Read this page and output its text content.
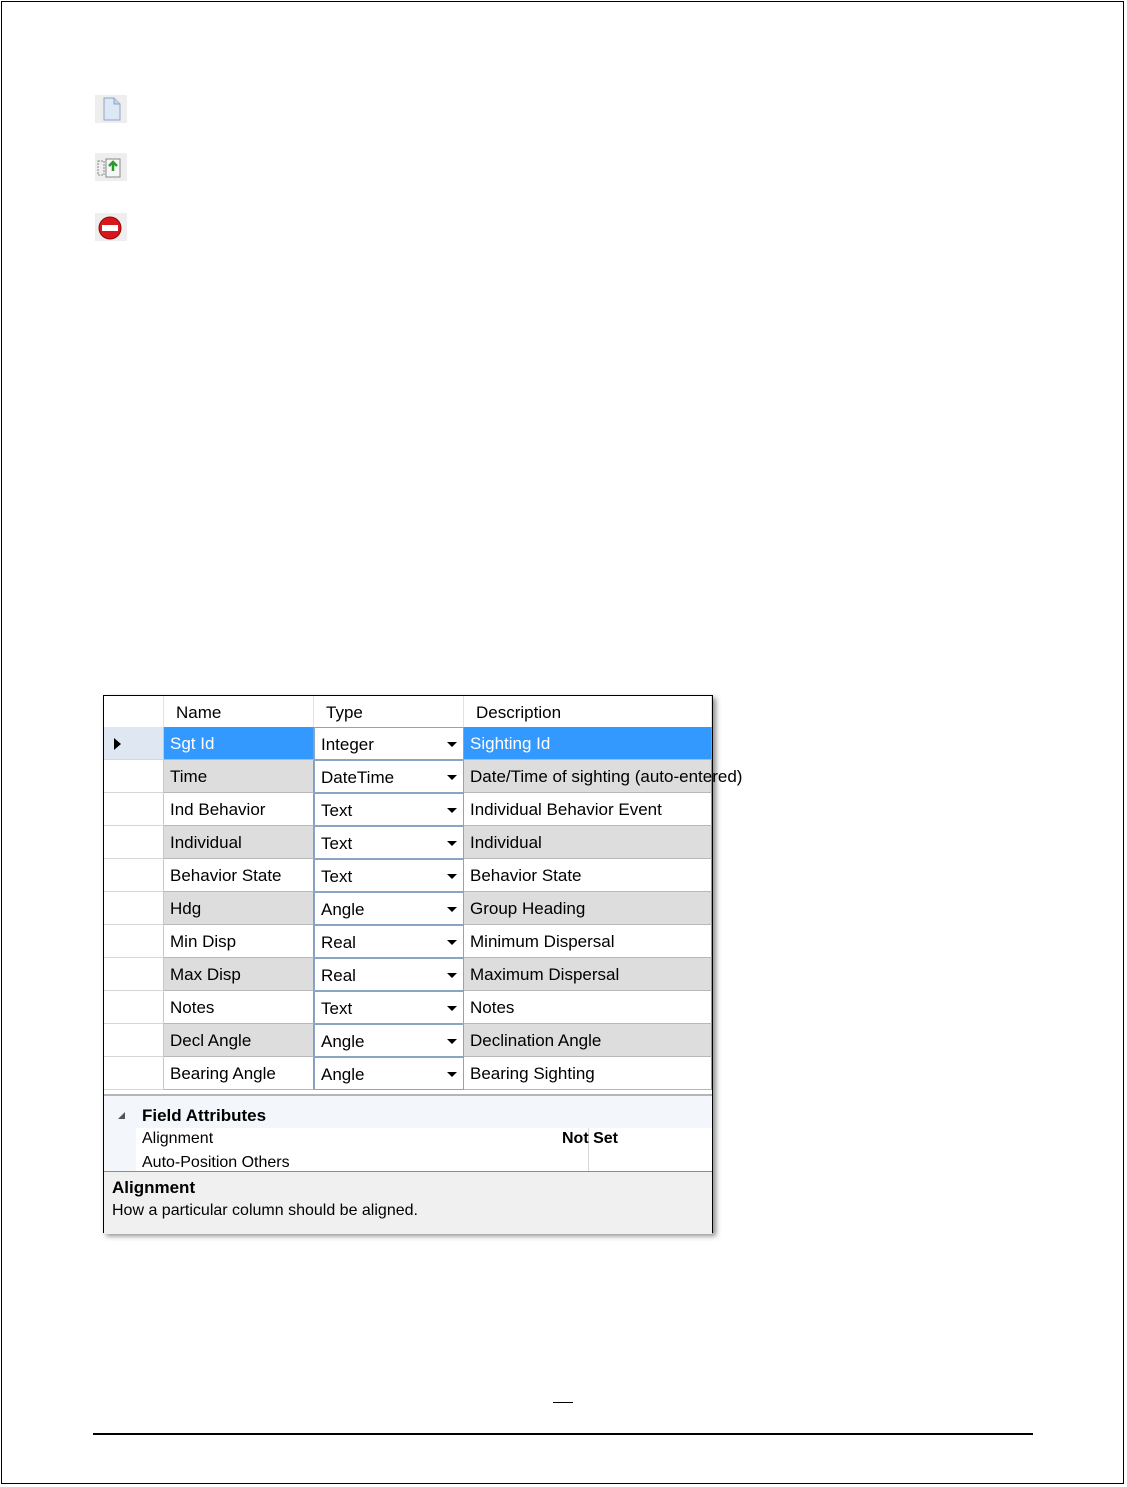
Name	Type	Description
Sgt Id	Integer	Sighting Id
Time	DateTime	Date/Time of sighting (auto-entered)
Ind Behavior	Text	Individual Behavior Event
Individual	Text	Individual
Behavior State	Text	Behavior State
Hdg	Angle	Group Heading
Min Disp	Real	Minimum Dispersal
Max Disp	Real	Maximum Dispersal
Notes	Text	Notes
Decl Angle	Angle	Declination Angle
Bearing Angle	Angle	Bearing Sighting
Field Attributes
Alignment	Not Set
Auto-Position Others
Alignment
How a particular column should be aligned.
